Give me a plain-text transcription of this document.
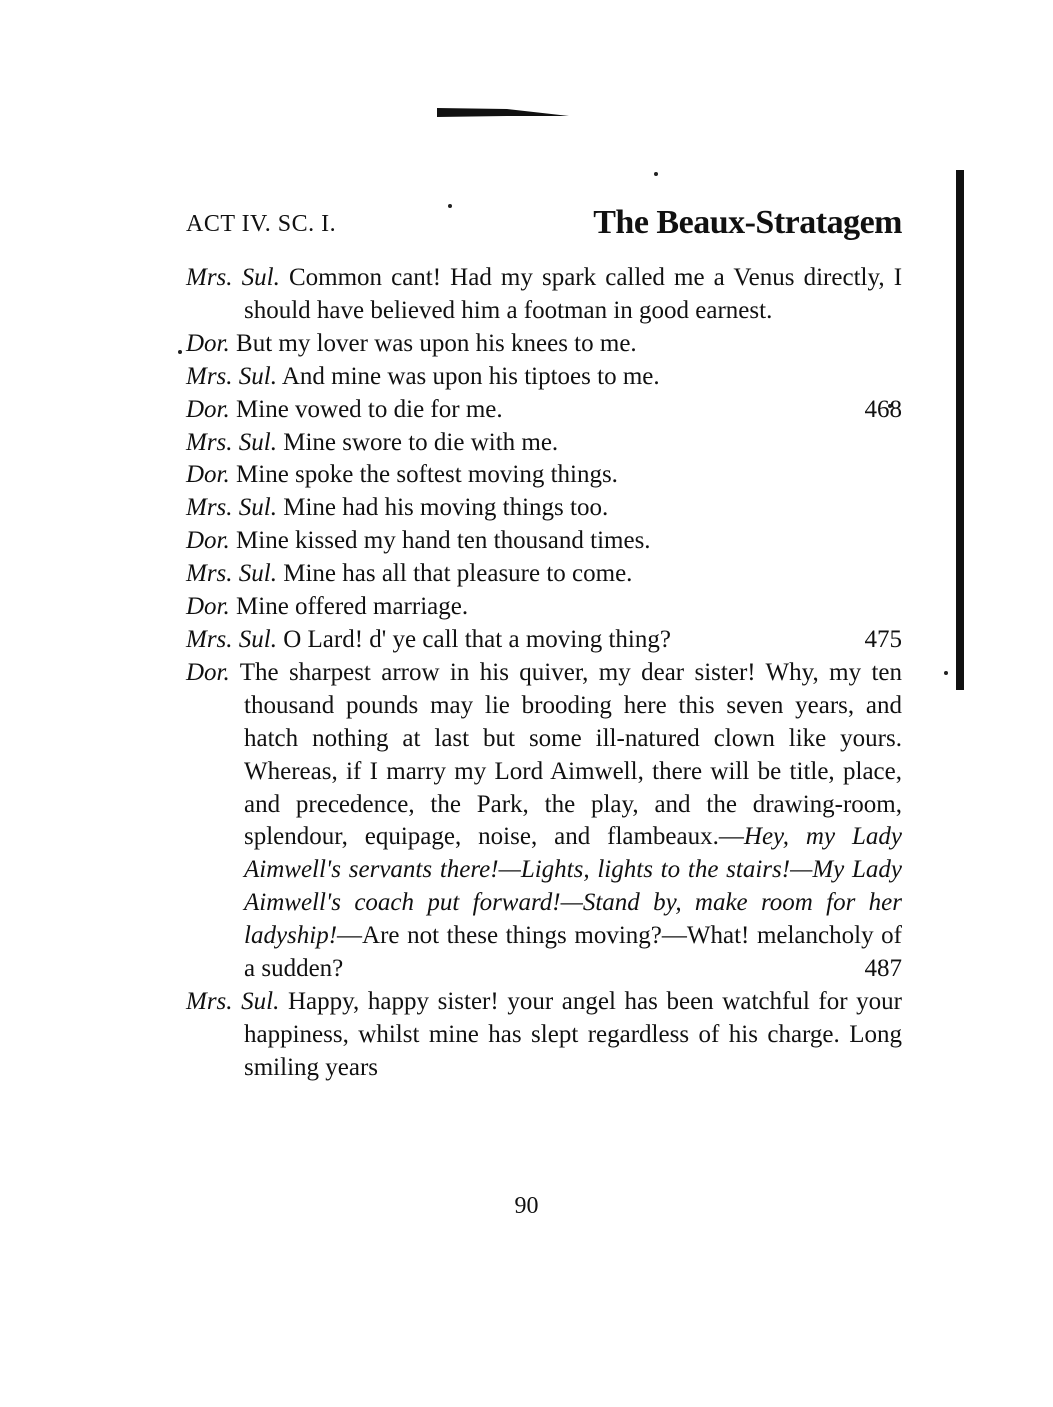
ACT IV. SC. I.	The Beaux-Stratagem

Mrs. Sul. Common cant! Had my spark called me a Venus directly, I should have believed him a footman in good earnest.

Dor. But my lover was upon his knees to me.

Mrs. Sul. And mine was upon his tiptoes to me.

Dor. Mine vowed to die for me.	468

Mrs. Sul. Mine swore to die with me.

Dor. Mine spoke the softest moving things.

Mrs. Sul. Mine had his moving things too.

Dor. Mine kissed my hand ten thousand times.

Mrs. Sul. Mine has all that pleasure to come.

Dor. Mine offered marriage.

Mrs. Sul. O Lard! d' ye call that a moving thing?	475

Dor. The sharpest arrow in his quiver, my dear sister! Why, my ten thousand pounds may lie brooding here this seven years, and hatch nothing at last but some ill-natured clown like yours. Whereas, if I marry my Lord Aimwell, there will be title, place, and precedence, the Park, the play, and the drawing-room, splendour, equipage, noise, and flambeaux.—Hey, my Lady Aimwell's servants there!—Lights, lights to the stairs!—My Lady Aimwell's coach put forward!—Stand by, make room for her ladyship!—Are not these things moving?—What! melancholy of a sudden?	487

Mrs. Sul. Happy, happy sister! your angel has been watchful for your happiness, whilst mine has slept regardless of his charge. Long smiling years

90
